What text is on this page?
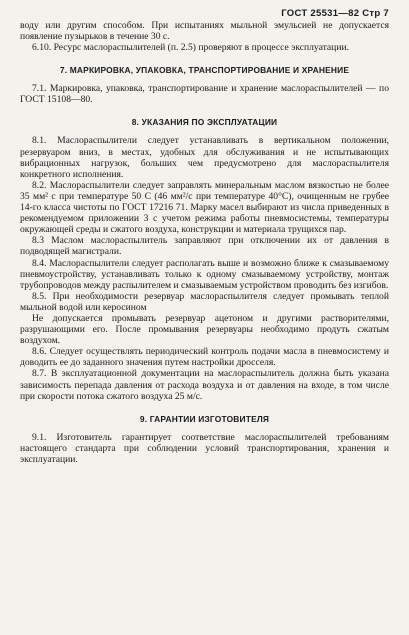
ГОСТ 25531—82 Стр 7

воду или другим способом. При испытаниях мыльной эмульсией не допускается появление пузырьков в течение 30 с.

6.10. Ресурс маслораспылителей (п. 2.5) проверяют в процессе эксплуатации.

7. МАРКИРОВКА, УПАКОВКА, ТРАНСПОРТИРОВАНИЕ И ХРАНЕНИЕ

7.1. Маркировка, упаковка, транспортирование и хранение маслораспылителей — по ГОСТ 15108—80.

8. УКАЗАНИЯ ПО ЭКСПЛУАТАЦИИ

8.1. Маслораспылители следует устанавливать в вертикальном положении, резервуаром вниз, в местах, удобных для обслуживания и не испытывающих вибрационных нагрузок, больших чем предусмотрено для маслораспылителя конкретного исполнения.

8.2. Маслораспылители следует заправлять минеральным маслом вязкостью не более 35 мм² с при температуре 50 С (46 мм²/с при температуре 40°С), очищенным не грубее 14-го класса чистоты по ГОСТ 17216 71. Марку масел выбирают из числа приведенных в рекомендуемом приложении 3 с учетом режима работы пневмосистемы, температуры окружающей среды и сжатого воздуха, конструкции и материала трущихся пар.

8.3 Маслом маслораспылитель заправляют при отключении их от давления в подводящей магистрали.

8.4. Маслораспылители следует располагать выше и возможно ближе к смазываемому пневмоустройству, устанавливать только к одному смазываемому устройству, монтаж трубопроводов между распылителем и смазываемым устройством проводить без изгибов.

8.5. При необходимости резервуар маслораспылителя следует промывать теплой мыльной водой или керосином

Не допускается промывать резервуар ацетоном и другими растворителями, разрушающими его. После промывания резервуары необходимо продуть сжатым воздухом.

8.6. Следует осуществлять периодический контроль подачи масла в пневмосистему и доводить ее до заданного значения путем настройки дросселя.

8.7. В эксплуатационной документации на маслораспылитель должна быть указана зависимость перепада давления от расхода воздуха и от давления на входе, в том числе при скорости потока сжатого воздуха 25 м/с.

9. ГАРАНТИИ ИЗГОТОВИТЕЛЯ

9.1. Изготовитель гарантирует соответствие маслораспылителей требованиям настоящего стандарта при соблюдении условий транспортирования, хранения и эксплуатации.
